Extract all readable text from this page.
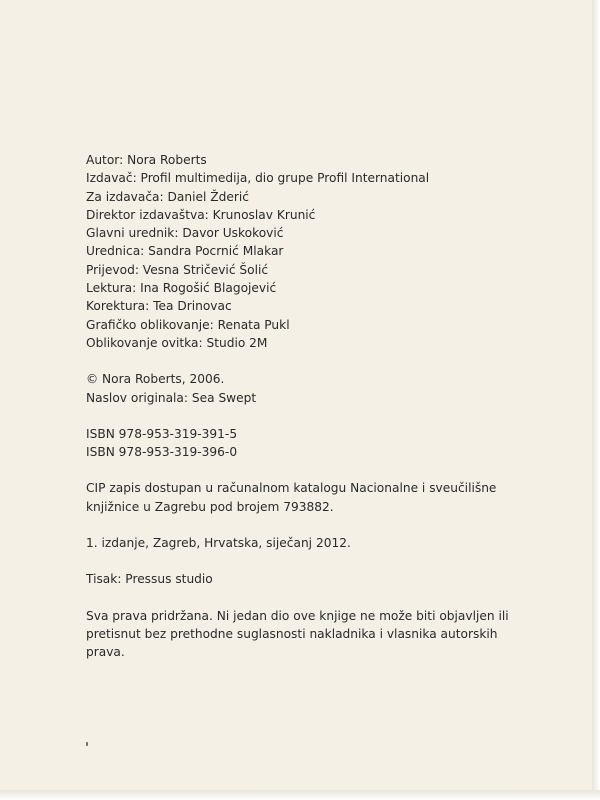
Autor: Nora Roberts
Izdavač: Profil multimedija, dio grupe Profil International
Za izdavača: Daniel Žderić
Direktor izdavaštva: Krunoslav Krunić
Glavni urednik: Davor Uskoković
Urednica: Sandra Pocrnić Mlakar
Prijevod: Vesna Stričević Šolić
Lektura: Ina Rogošić Blagojević
Korektura: Tea Drinovac
Grafičko oblikovanje: Renata Pukl
Oblikovanje ovitka: Studio 2M
© Nora Roberts, 2006.
Naslov originala: Sea Swept
ISBN 978-953-319-391-5
ISBN 978-953-319-396-0
CIP zapis dostupan u računalnom katalogu Nacionalne i sveučilišne
knjižnice u Zagrebu pod brojem 793882.
1. izdanje, Zagreb, Hrvatska, siječanj 2012.
Tisak: Pressus studio
Sva prava pridržana. Ni jedan dio ove knjige ne može biti objavljen ili
pretisnut bez prethodne suglasnosti nakladnika i vlasnika autorskih
prava.
